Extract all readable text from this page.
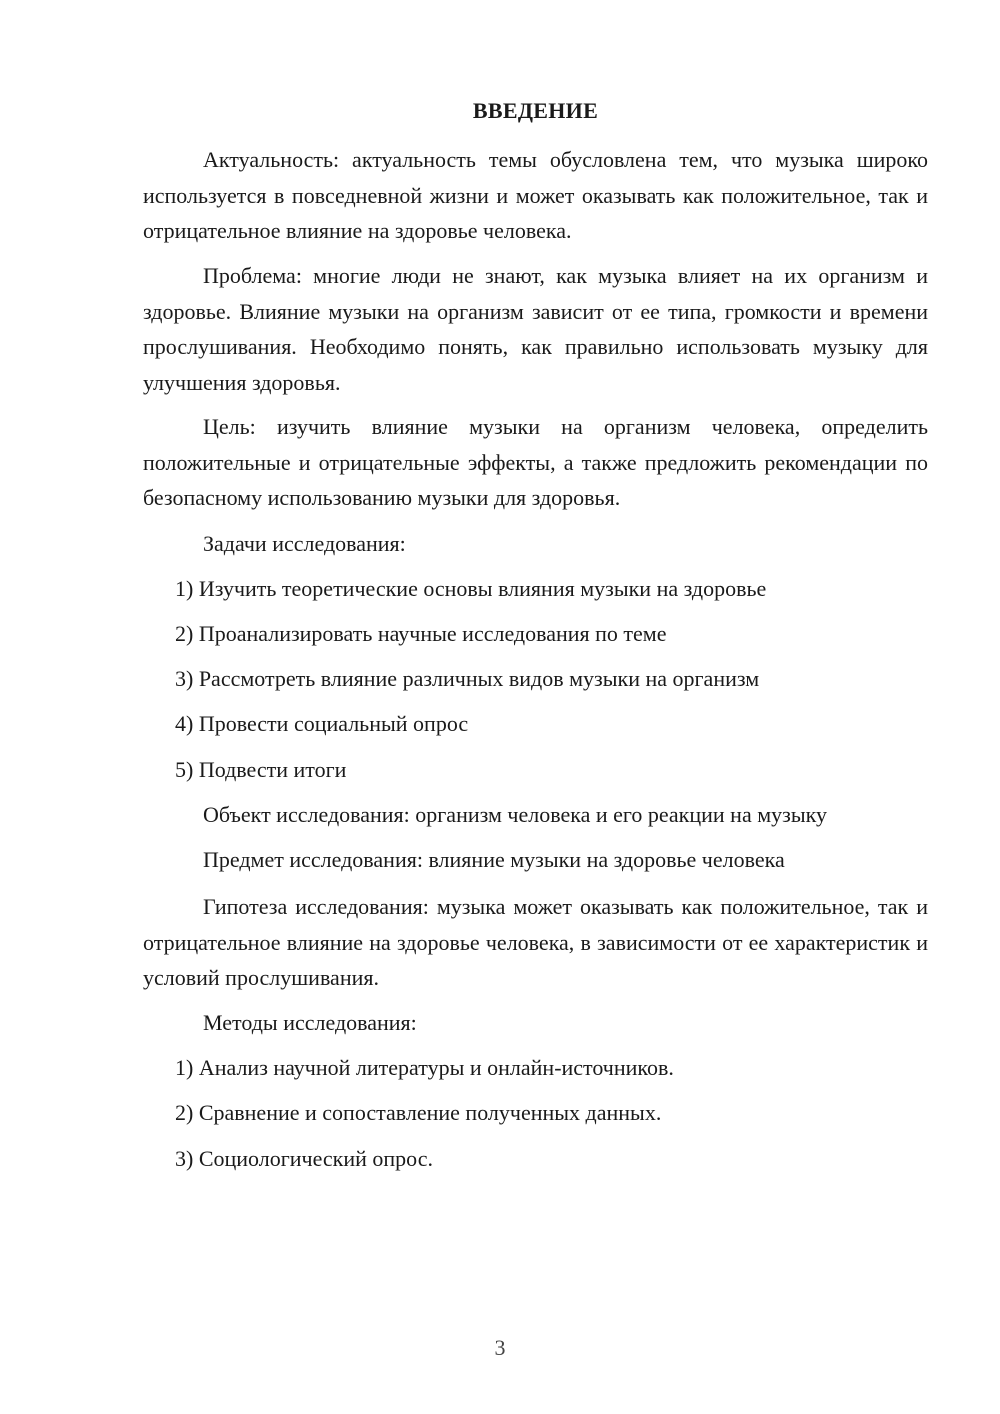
ВВЕДЕНИЕ

Актуальность: актуальность темы обусловлена тем, что музыка широко используется в повседневной жизни и может оказывать как положительное, так и отрицательное влияние на здоровье человека.

Проблема: многие люди не знают, как музыка влияет на их организм и здоровье. Влияние музыки на организм зависит от ее типа, громкости и времени прослушивания. Необходимо понять, как правильно использовать музыку для улучшения здоровья.

Цель: изучить влияние музыки на организм человека, определить положительные и отрицательные эффекты, а также предложить рекомендации по безопасному использованию музыки для здоровья.

Задачи исследования:

1) Изучить теоретические основы влияния музыки на здоровье

2) Проанализировать научные исследования по теме

3) Рассмотреть влияние различных видов музыки на организм

4) Провести социальный опрос

5) Подвести итоги

Объект исследования: организм человека и его реакции на музыку

Предмет исследования: влияние музыки на здоровье человека

Гипотеза исследования: музыка может оказывать как положительное, так и отрицательное влияние на здоровье человека, в зависимости от ее характеристик и условий прослушивания.

Методы исследования:

1) Анализ научной литературы и онлайн-источников.

2) Сравнение и сопоставление полученных данных.

3) Социологический опрос.

3
